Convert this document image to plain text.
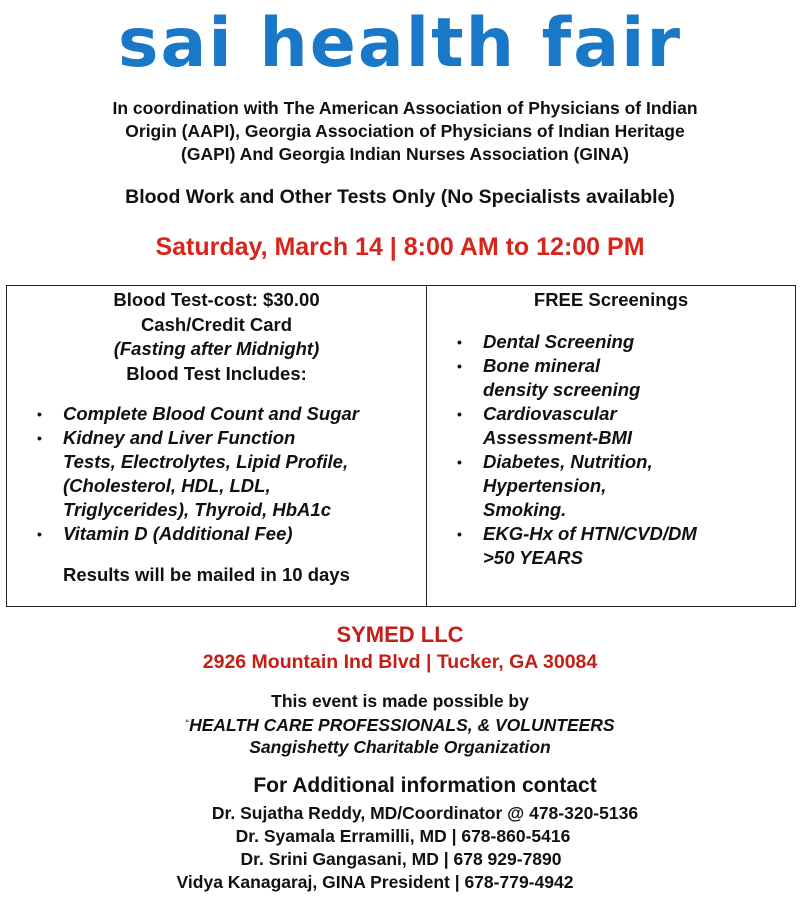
sai health fair
In coordination with The American Association of Physicians of Indian
Origin (AAPI), Georgia Association of Physicians of Indian Heritage
(GAPI) And Georgia Indian Nurses Association (GINA)

Blood Work and Other Tests Only (No Specialists available)

Saturday, March 14 | 8:00 AM to 12:00 PM

Blood Test-cost: $30.00

Cash/Credit Card

(Fasting after Midnight)

Blood Test Includes:

• Complete Blood Count and Sugar
• Kidney and Liver Function Tests, Electrolytes, Lipid Profile, (Cholesterol, HDL, LDL, Triglycerides), Thyroid, HbA1c
• Vitamin D (Additional Fee)

Results will be mailed in 10 days

FREE Screenings

• Dental Screening
• Bone mineral density screening
• Cardiovascular Assessment-BMI
• Diabetes, Nutrition, Hypertension, Smoking.
• EKG-Hx of HTN/CVD/DM >50 YEARS

SYMED LLC

2926 Mountain Ind Blvd | Tucker, GA 30084

This event is made possible by
“HEALTH CARE PROFESSIONALS, & VOLUNTEERS
Sangishetty Charitable Organization

For Additional information contact

Dr. Sujatha Reddy, MD/Coordinator @ 478-320-5136
Dr. Syamala Erramilli, MD | 678-860-5416
Dr. Srini Gangasani, MD | 678 929-7890
Vidya Kanagaraj, GINA President | 678-779-4942
